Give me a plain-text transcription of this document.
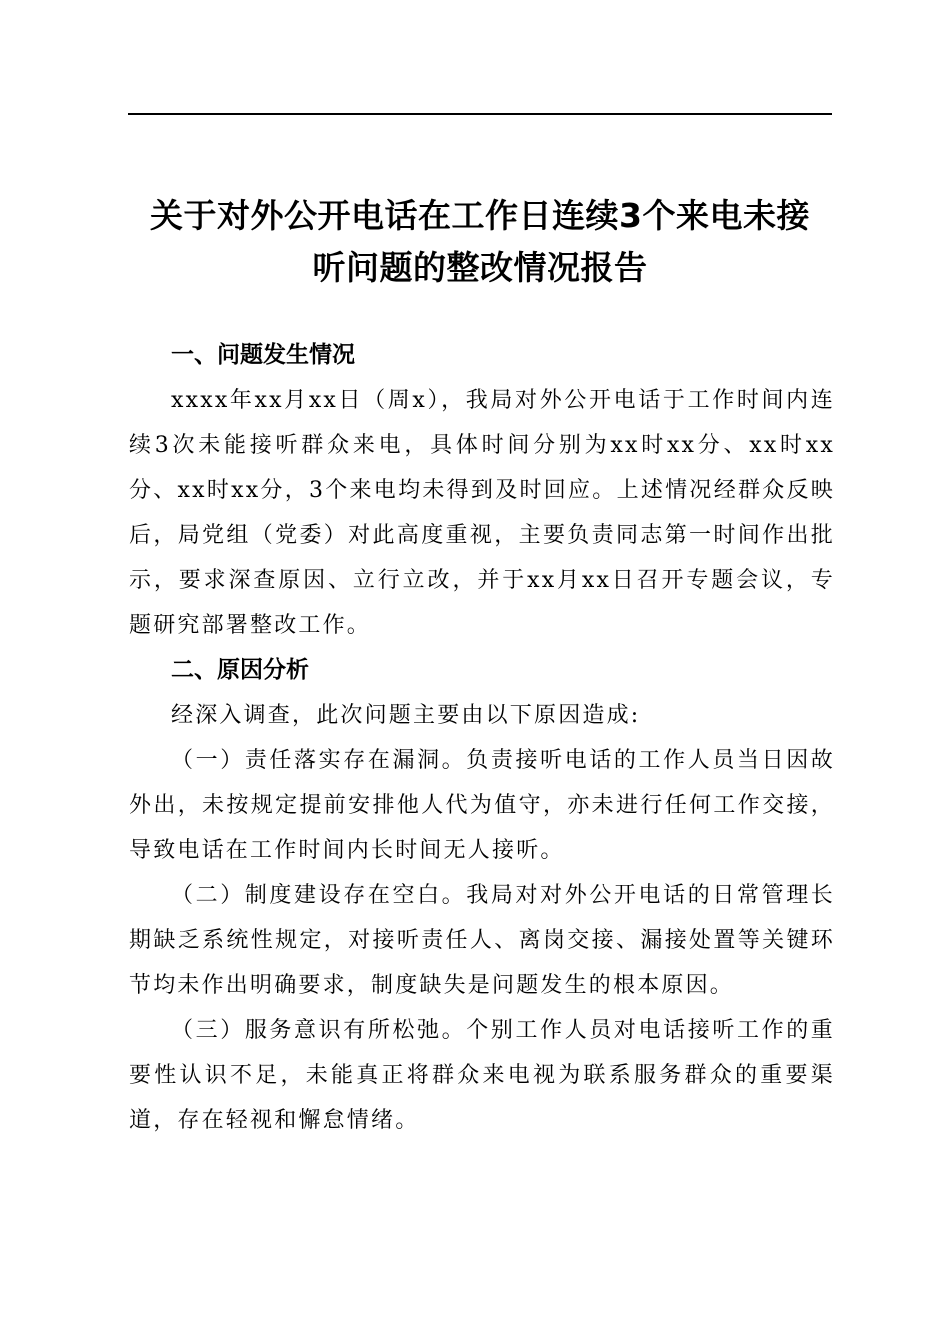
关于对外公开电话在工作日连续3个来电未接
听问题的整改情况报告
一、问题发生情况

xxxx年xx月xx日（周x），我局对外公开电话于工作时间内连续3次未能接听群众来电，具体时间分别为xx时xx分、xx时xx分、xx时xx分，3个来电均未得到及时回应。上述情况经群众反映后，局党组（党委）对此高度重视，主要负责同志第一时间作出批示，要求深查原因、立行立改，并于xx月xx日召开专题会议，专题研究部署整改工作。

二、原因分析

经深入调查，此次问题主要由以下原因造成:

（一）责任落实存在漏洞。负责接听电话的工作人员当日因故外出，未按规定提前安排他人代为值守，亦未进行任何工作交接，导致电话在工作时间内长时间无人接听。

（二）制度建设存在空白。我局对对外公开电话的日常管理长期缺乏系统性规定，对接听责任人、离岗交接、漏接处置等关键环节均未作出明确要求，制度缺失是问题发生的根本原因。

（三）服务意识有所松弛。个别工作人员对电话接听工作的重要性认识不足，未能真正将群众来电视为联系服务群众的重要渠道，存在轻视和懈怠情绪。
